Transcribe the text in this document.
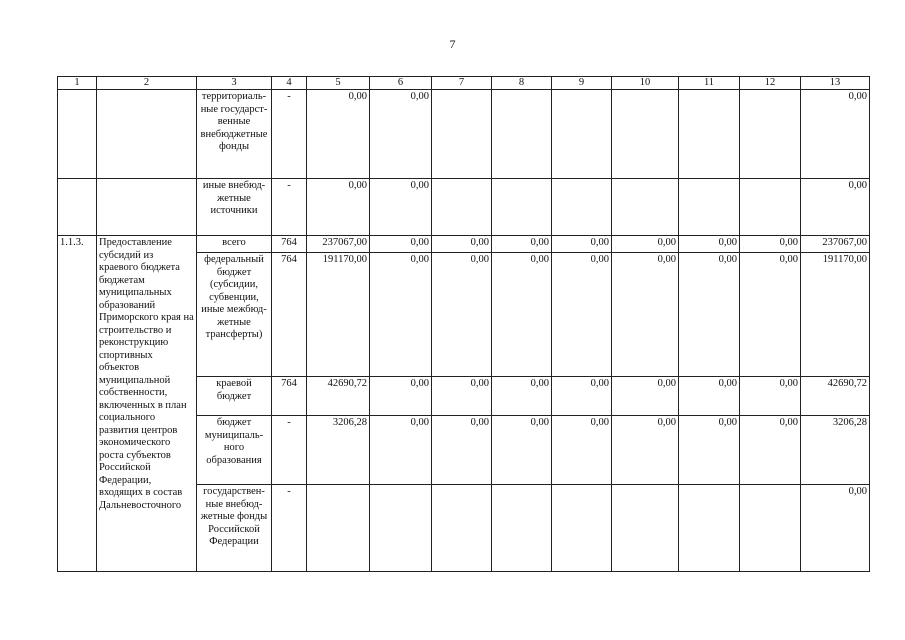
7
1	2	3	4	5	6	7	8	9	10	11	12	13
		территориаль-ные государст-венные внебюджетные фонды	-	0,00	0,00							0,00
		иные внебюд-жетные источники	-	0,00	0,00							0,00
1.1.3.	Предоставление субсидий из краевого бюджета бюджетам муниципальных образований Приморского края на строительство и реконструкцию спортивных объектов муниципальной собственности, включенных в план социального развития центров экономического роста субъектов Российской Федерации, входящих в состав Дальневосточного	всего	764	237067,00	0,00	0,00	0,00	0,00	0,00	0,00	0,00	237067,00
		федеральный бюджет (субсидии, субвенции, иные межбюд-жетные трансферты)	764	191170,00	0,00	0,00	0,00	0,00	0,00	0,00	0,00	191170,00
		краевой бюджет	764	42690,72	0,00	0,00	0,00	0,00	0,00	0,00	0,00	42690,72
		бюджет муниципаль-ного образования	-	3206,28	0,00	0,00	0,00	0,00	0,00	0,00	0,00	3206,28
		государствен-ные внебюд-жетные фонды Российской Федерации	-									0,00
